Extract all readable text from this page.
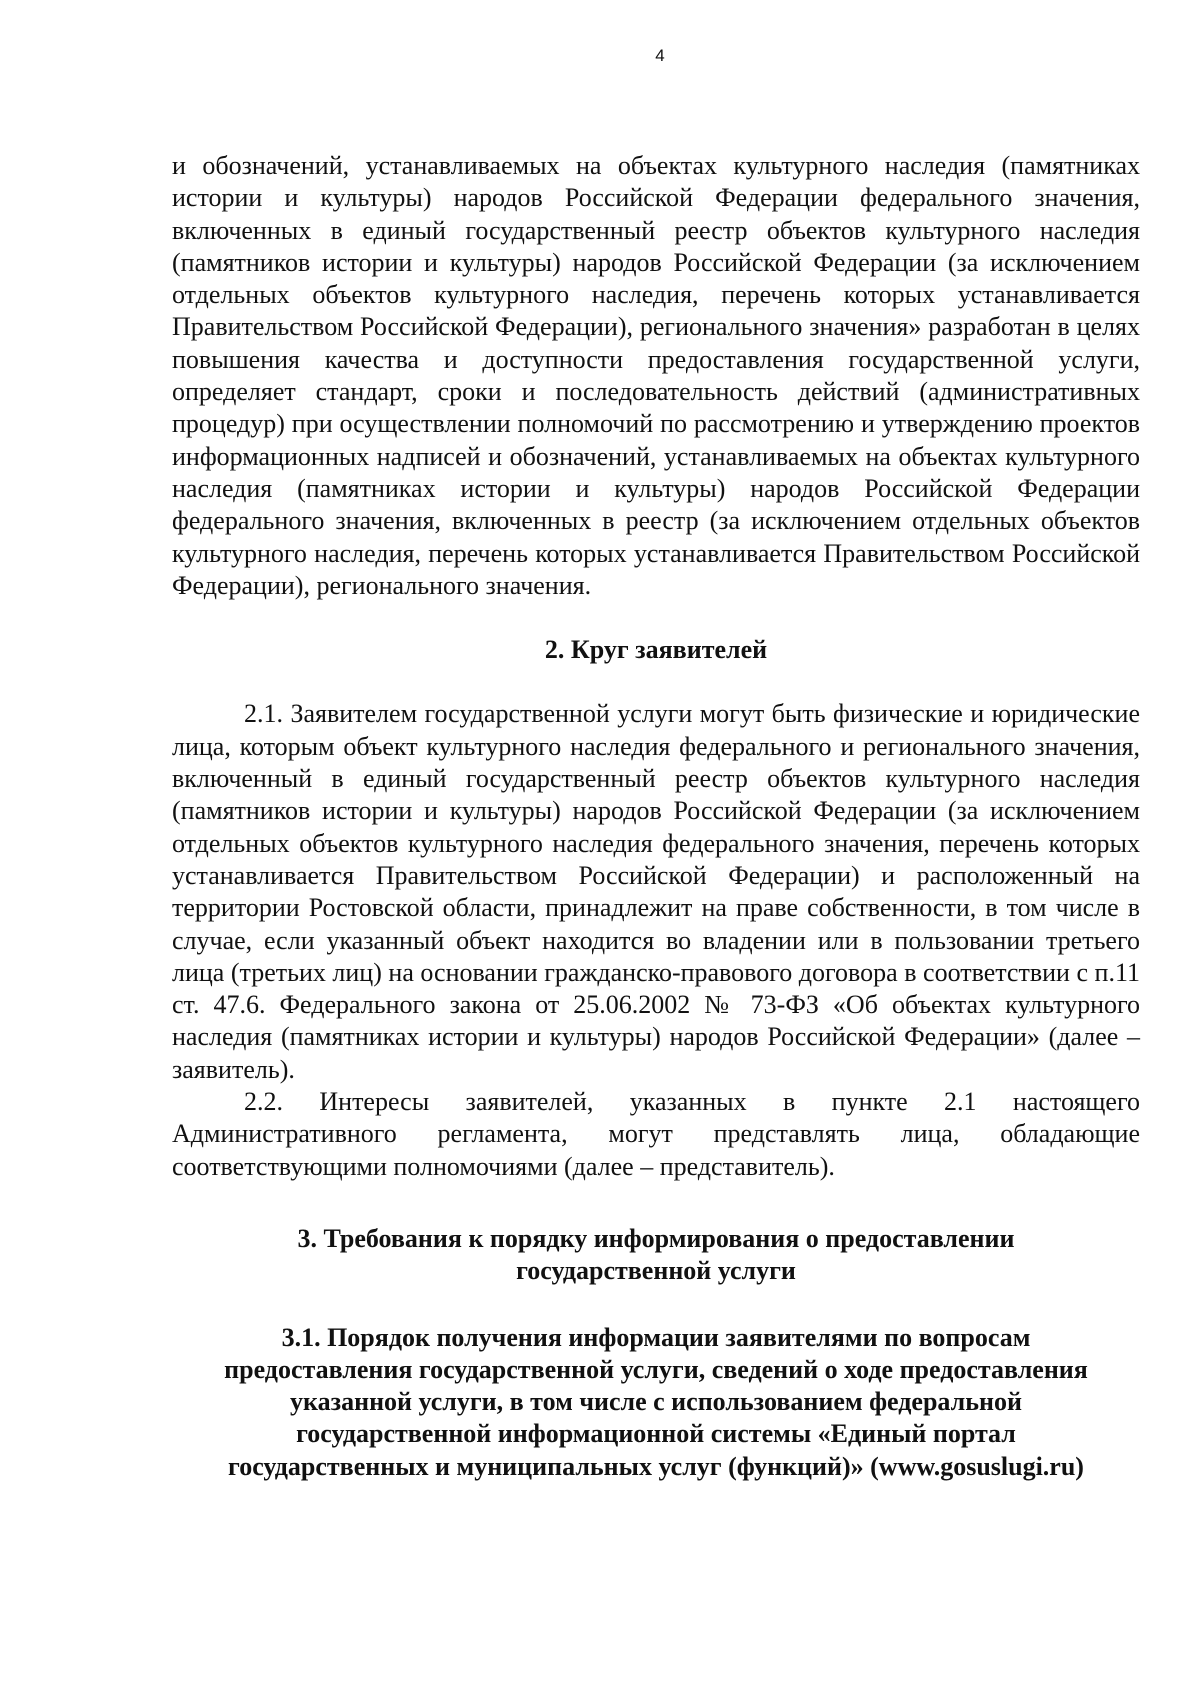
4

и обозначений, устанавливаемых на объектах культурного наследия (памятниках истории и культуры) народов Российской Федерации федерального значения, включенных в единый государственный реестр объектов культурного наследия (памятников истории и культуры) народов Российской Федерации (за исключением отдельных объектов культурного наследия, перечень которых устанавливается Правительством Российской Федерации), регионального значения» разработан в целях повышения качества и доступности предоставления государственной услуги, определяет стандарт, сроки и последовательность действий (административных процедур) при осуществлении полномочий по рассмотрению и утверждению проектов информационных надписей и обозначений, устанавливаемых на объектах культурного наследия (памятниках истории и культуры) народов Российской Федерации федерального значения, включенных в реестр (за исключением отдельных объектов культурного наследия, перечень которых устанавливается Правительством Российской Федерации), регионального значения.

2. Круг заявителей

2.1. Заявителем государственной услуги могут быть физические и юридические лица, которым объект культурного наследия федерального и регионального значения, включенный в единый государственный реестр объектов культурного наследия (памятников истории и культуры) народов Российской Федерации (за исключением отдельных объектов культурного наследия федерального значения, перечень которых устанавливается Правительством Российской Федерации) и расположенный на территории Ростовской области, принадлежит на праве собственности, в том числе в случае, если указанный объект находится во владении или в пользовании третьего лица (третьих лиц) на основании гражданско-правового договора в соответствии с п.11 ст. 47.6. Федерального закона от 25.06.2002 № 73-ФЗ «Об объектах культурного наследия (памятниках истории и культуры) народов Российской Федерации» (далее – заявитель).

2.2. Интересы заявителей, указанных в пункте 2.1 настоящего Административного регламента, могут представлять лица, обладающие соответствующими полномочиями (далее – представитель).

3. Требования к порядку информирования о предоставлении
государственной услуги
3.1. Порядок получения информации заявителями по вопросам
предоставления государственной услуги, сведений о ходе предоставления
указанной услуги, в том числе с использованием федеральной
государственной информационной системы «Единый портал
государственных и муниципальных услуг (функций)» (www.gosuslugi.ru)
